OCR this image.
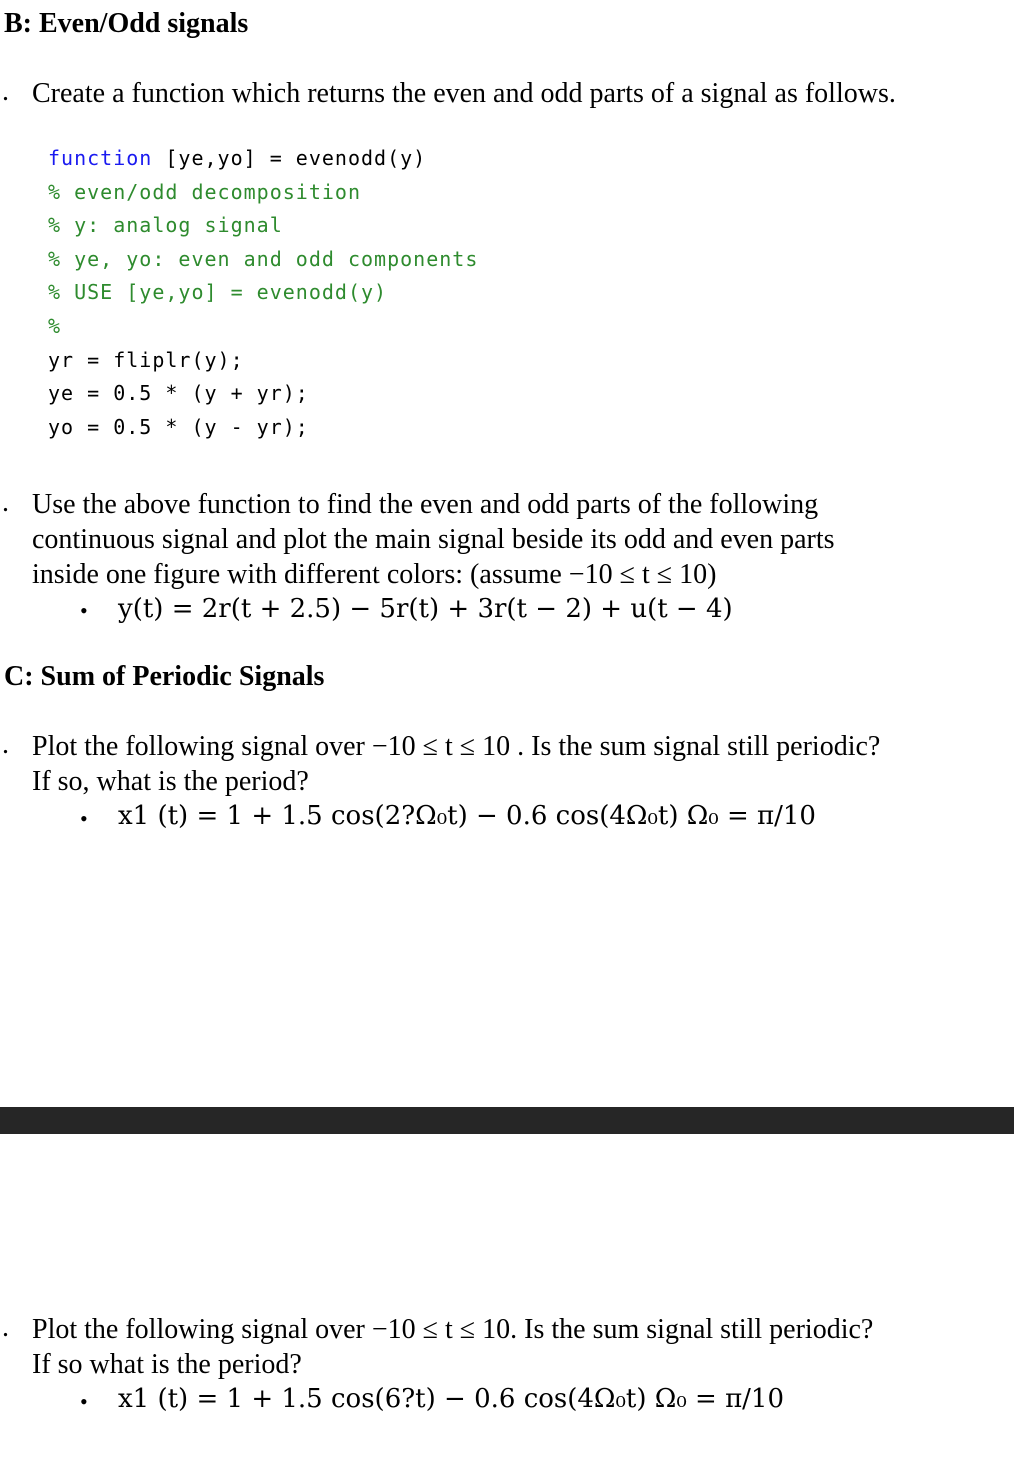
B: Even/Odd signals
. Create a function which returns the even and odd parts of a signal as follows.
function [ye,yo] = evenodd(y)
% even/odd decomposition
% y: analog signal
% ye, yo: even and odd components
% USE [ye,yo] = evenodd(y)
%
yr = fliplr(y);
ye = 0.5 * (y + yr);
yo = 0.5 * (y - yr);
. Use the above function to find the even and odd parts of the following
continuous signal and plot the main signal beside its odd and even parts
inside one figure with different colors: (assume −10 ≤ t ≤ 10)
• y(t) = 2r(t + 2.5) − 5r(t) + 3r(t − 2) + u(t − 4)
C: Sum of Periodic Signals
. Plot the following signal over −10 ≤ t ≤ 10 . Is the sum signal still periodic?
If so, what is the period?
• x1 (t) = 1 + 1.5 cos(2?Ω₀t) − 0.6 cos(4Ω₀t) Ω₀ = π/10
. Plot the following signal over −10 ≤ t ≤ 10. Is the sum signal still periodic?
If so what is the period?
• x1 (t) = 1 + 1.5 cos(6?t) − 0.6 cos(4Ω₀t) Ω₀ = π/10
